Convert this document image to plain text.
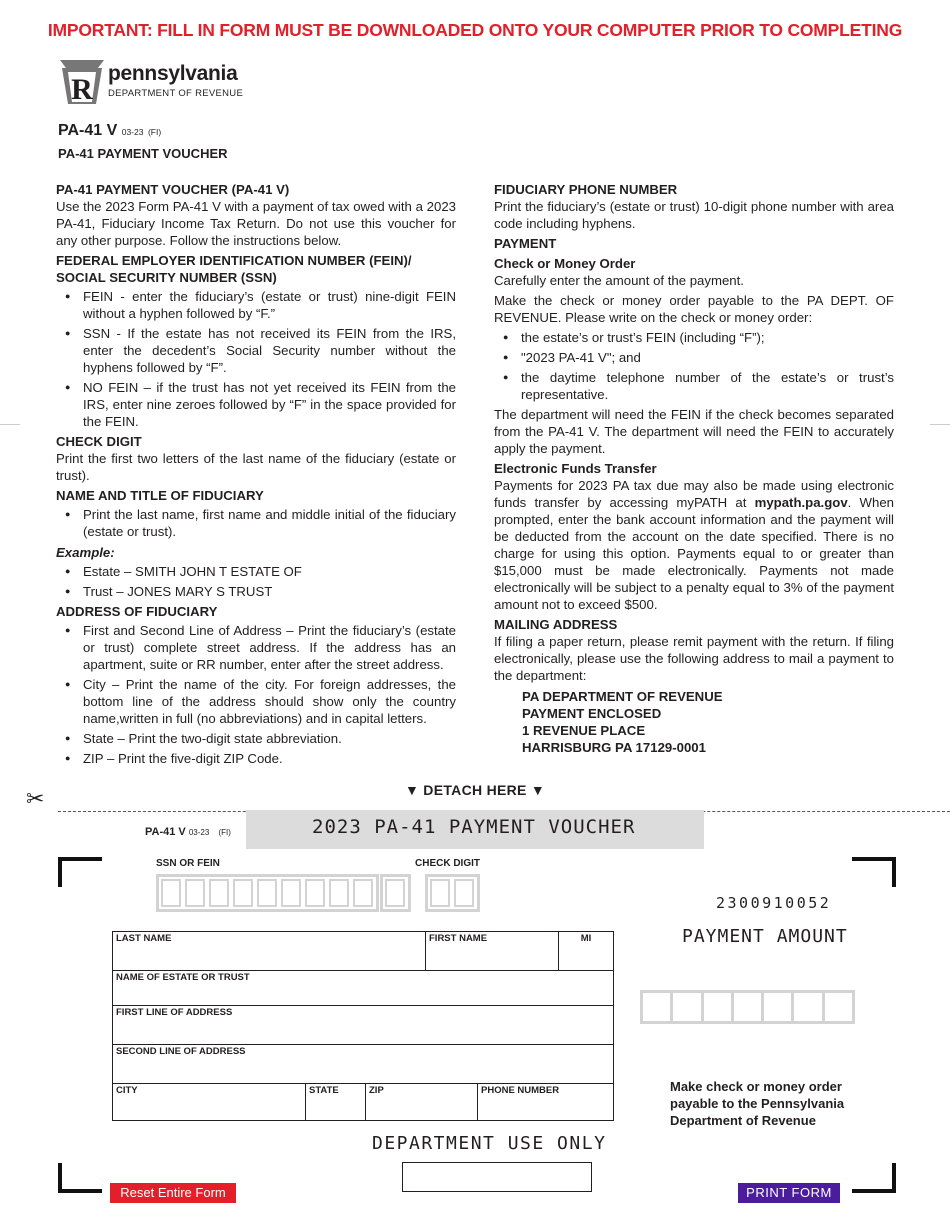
IMPORTANT: FILL IN FORM MUST BE DOWNLOADED ONTO YOUR COMPUTER PRIOR TO COMPLETING
R pennsylvania
DEPARTMENT OF REVENUE
PA-41 V 03-23 (FI)
PA-41 PAYMENT VOUCHER
PA-41 PAYMENT VOUCHER (PA-41 V)

Use the 2023 Form PA-41 V with a payment of tax owed with a 2023 PA-41, Fiduciary Income Tax Return. Do not use this voucher for any other purpose. Follow the instructions below.

FEDERAL EMPLOYER IDENTIFICATION NUMBER (FEIN)/ SOCIAL SECURITY NUMBER (SSN)
● FEIN - enter the fiduciary’s (estate or trust) nine-digit FEIN without a hyphen followed by “F.”
● SSN - If the estate has not received its FEIN from the IRS, enter the decedent’s Social Security number without the hyphens followed by “F”.
● NO FEIN – if the trust has not yet received its FEIN from the IRS, enter nine zeroes followed by “F” in the space provided for the FEIN.
CHECK DIGIT

Print the first two letters of the last name of the fiduciary (estate or trust).

NAME AND TITLE OF FIDUCIARY
● Print the last name, first name and middle initial of the fiduciary (estate or trust).
Example:
● Estate – SMITH JOHN T ESTATE OF
● Trust – JONES MARY S TRUST
ADDRESS OF FIDUCIARY
● First and Second Line of Address – Print the fiduciary’s (estate or trust) complete street address. If the address has an apartment, suite or RR number, enter after the street address.
● City – Print the name of the city. For foreign addresses, the bottom line of the address should show only the country name,written in full (no abbreviations) and in capital letters.
● State – Print the two-digit state abbreviation.
● ZIP – Print the five-digit ZIP Code.
FIDUCIARY PHONE NUMBER

Print the fiduciary’s (estate or trust) 10-digit phone number with area code including hyphens.

PAYMENT
Check or Money Order

Carefully enter the amount of the payment.

Make the check or money order payable to the PA DEPT. OF REVENUE. Please write on the check or money order:

● the estate’s or trust’s FEIN (including “F”);
● "2023 PA-41 V"; and
● the daytime telephone number of the estate’s or trust’s representative.

The department will need the FEIN if the check becomes separated from the PA-41 V. The department will need the FEIN to accurately apply the payment.

Electronic Funds Transfer

Payments for 2023 PA tax due may also be made using electronic funds transfer by accessing myPATH at mypath.pa.gov. When prompted, enter the bank account information and the payment will be deducted from the account on the date specified. There is no charge for using this option. Payments equal to or greater than $15,000 must be made electronically. Payments not made electronically will be subject to a penalty equal to 3% of the payment amount not to exceed $500.

MAILING ADDRESS

If filing a paper return, please remit payment with the return. If filing electronically, please use the following address to mail a payment to the department:

PA DEPARTMENT OF REVENUE
PAYMENT ENCLOSED
1 REVENUE PLACE
HARRISBURG PA 17129-0001
▼ DETACH HERE ▼
✂
PA-41 V 03-23 (FI)	2023 PA-41 PAYMENT VOUCHER
SSN OR FEIN	CHECK DIGIT
2300910052
PAYMENT AMOUNT
LAST NAME	FIRST NAME	MI
NAME OF ESTATE OR TRUST
FIRST LINE OF ADDRESS
SECOND LINE OF ADDRESS
CITY	STATE	ZIP	PHONE NUMBER	Make check or money order payable to the Pennsylvania Department of Revenue
DEPARTMENT USE ONLY
Reset Entire Form	PRINT FORM
